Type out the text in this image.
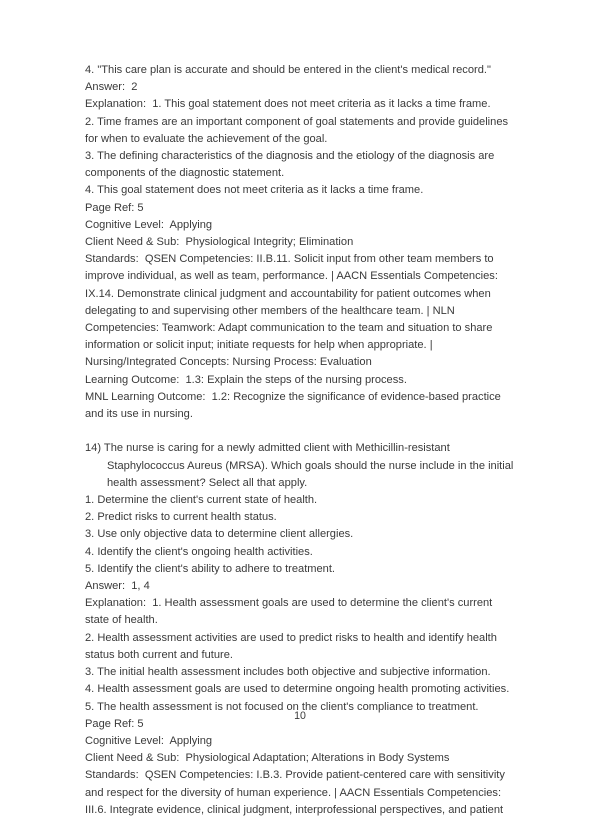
4. "This care plan is accurate and should be entered in the client's medical record."
Answer:  2
Explanation:  1. This goal statement does not meet criteria as it lacks a time frame.
2. Time frames are an important component of goal statements and provide guidelines for when to evaluate the achievement of the goal.
3. The defining characteristics of the diagnosis and the etiology of the diagnosis are components of the diagnostic statement.
4. This goal statement does not meet criteria as it lacks a time frame.
Page Ref: 5
Cognitive Level:  Applying
Client Need & Sub:  Physiological Integrity; Elimination
Standards:  QSEN Competencies: II.B.11. Solicit input from other team members to improve individual, as well as team, performance. | AACN Essentials Competencies: IX.14. Demonstrate clinical judgment and accountability for patient outcomes when delegating to and supervising other members of the healthcare team. | NLN Competencies: Teamwork: Adapt communication to the team and situation to share information or solicit input; initiate requests for help when appropriate. |
Nursing/Integrated Concepts: Nursing Process: Evaluation
Learning Outcome:  1.3: Explain the steps of the nursing process.
MNL Learning Outcome:  1.2: Recognize the significance of evidence-based practice and its use in nursing.
14) The nurse is caring for a newly admitted client with Methicillin-resistant Staphylococcus Aureus (MRSA). Which goals should the nurse include in the initial health assessment? Select all that apply.
1. Determine the client's current state of health.
2. Predict risks to current health status.
3. Use only objective data to determine client allergies.
4. Identify the client's ongoing health activities.
5. Identify the client's ability to adhere to treatment.
Answer:  1, 4
Explanation:  1. Health assessment goals are used to determine the client's current state of health.
2. Health assessment activities are used to predict risks to health and identify health status both current and future.
3. The initial health assessment includes both objective and subjective information.
4. Health assessment goals are used to determine ongoing health promoting activities.
5. The health assessment is not focused on the client's compliance to treatment.
Page Ref: 5
Cognitive Level:  Applying
Client Need & Sub:  Physiological Adaptation; Alterations in Body Systems
Standards:  QSEN Competencies: I.B.3. Provide patient-centered care with sensitivity and respect for the diversity of human experience. | AACN Essentials Competencies: III.6. Integrate evidence, clinical judgment, interprofessional perspectives, and patient
10
